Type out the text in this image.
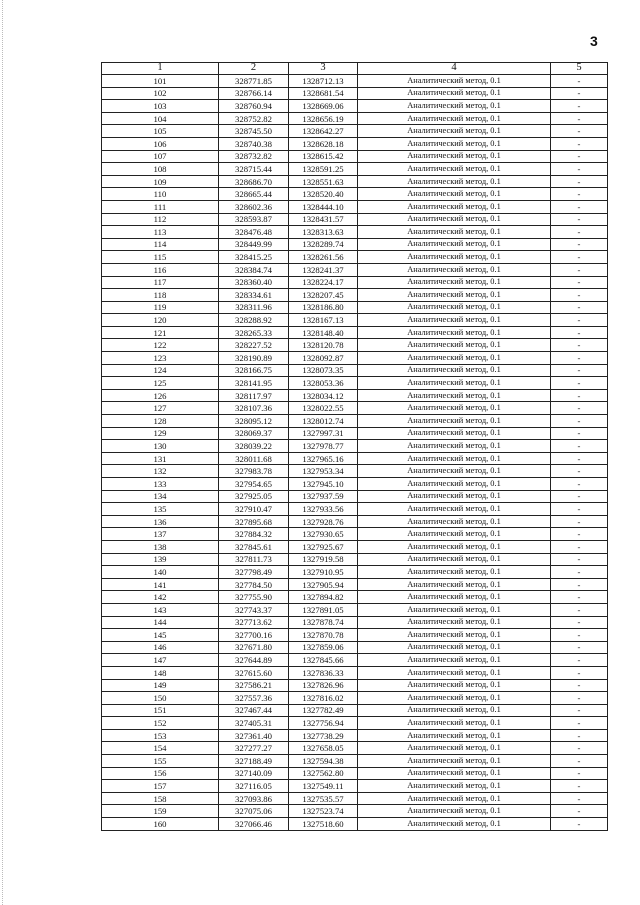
3
1	2	3	4	5
101	328771.85	1328712.13	Аналитический метод, 0.1	-
102	328766.14	1328681.54	Аналитический метод, 0.1	-
103	328760.94	1328669.06	Аналитический метод, 0.1	-
104	328752.82	1328656.19	Аналитический метод, 0.1	-
105	328745.50	1328642.27	Аналитический метод, 0.1	-
106	328740.38	1328628.18	Аналитический метод, 0.1	-
107	328732.82	1328615.42	Аналитический метод, 0.1	-
108	328715.44	1328591.25	Аналитический метод, 0.1	-
109	328686.70	1328551.63	Аналитический метод, 0.1	-
110	328665.44	1328520.40	Аналитический метод, 0.1	-
111	328602.36	1328444.10	Аналитический метод, 0.1	-
112	328593.87	1328431.57	Аналитический метод, 0.1	-
113	328476.48	1328313.63	Аналитический метод, 0.1	-
114	328449.99	1328289.74	Аналитический метод, 0.1	-
115	328415.25	1328261.56	Аналитический метод, 0.1	-
116	328384.74	1328241.37	Аналитический метод, 0.1	-
117	328360.40	1328224.17	Аналитический метод, 0.1	-
118	328334.61	1328207.45	Аналитический метод, 0.1	-
119	328311.96	1328186.80	Аналитический метод, 0.1	-
120	328288.92	1328167.13	Аналитический метод, 0.1	-
121	328265.33	1328148.40	Аналитический метод, 0.1	-
122	328227.52	1328120.78	Аналитический метод, 0.1	-
123	328190.89	1328092.87	Аналитический метод, 0.1	-
124	328166.75	1328073.35	Аналитический метод, 0.1	-
125	328141.95	1328053.36	Аналитический метод, 0.1	-
126	328117.97	1328034.12	Аналитический метод, 0.1	-
127	328107.36	1328022.55	Аналитический метод, 0.1	-
128	328095.12	1328012.74	Аналитический метод, 0.1	-
129	328069.37	1327997.31	Аналитический метод, 0.1	-
130	328039.22	1327978.77	Аналитический метод, 0.1	-
131	328011.68	1327965.16	Аналитический метод, 0.1	-
132	327983.78	1327953.34	Аналитический метод, 0.1	-
133	327954.65	1327945.10	Аналитический метод, 0.1	-
134	327925.05	1327937.59	Аналитический метод, 0.1	-
135	327910.47	1327933.56	Аналитический метод, 0.1	-
136	327895.68	1327928.76	Аналитический метод, 0.1	-
137	327884.32	1327930.65	Аналитический метод, 0.1	-
138	327845.61	1327925.67	Аналитический метод, 0.1	-
139	327811.73	1327919.58	Аналитический метод, 0.1	-
140	327798.49	1327910.95	Аналитический метод, 0.1	-
141	327784.50	1327905.94	Аналитический метод, 0.1	-
142	327755.90	1327894.82	Аналитический метод, 0.1	-
143	327743.37	1327891.05	Аналитический метод, 0.1	-
144	327713.62	1327878.74	Аналитический метод, 0.1	-
145	327700.16	1327870.78	Аналитический метод, 0.1	-
146	327671.80	1327859.06	Аналитический метод, 0.1	-
147	327644.89	1327845.66	Аналитический метод, 0.1	-
148	327615.60	1327836.33	Аналитический метод, 0.1	-
149	327586.21	1327826.96	Аналитический метод, 0.1	-
150	327557.36	1327816.02	Аналитический метод, 0.1	-
151	327467.44	1327782.49	Аналитический метод, 0.1	-
152	327405.31	1327756.94	Аналитический метод, 0.1	-
153	327361.40	1327738.29	Аналитический метод, 0.1	-
154	327277.27	1327658.05	Аналитический метод, 0.1	-
155	327188.49	1327594.38	Аналитический метод, 0.1	-
156	327140.09	1327562.80	Аналитический метод, 0.1	-
157	327116.05	1327549.11	Аналитический метод, 0.1	-
158	327093.86	1327535.57	Аналитический метод, 0.1	-
159	327075.06	1327523.74	Аналитический метод, 0.1	-
160	327066.46	1327518.60	Аналитический метод, 0.1	-
